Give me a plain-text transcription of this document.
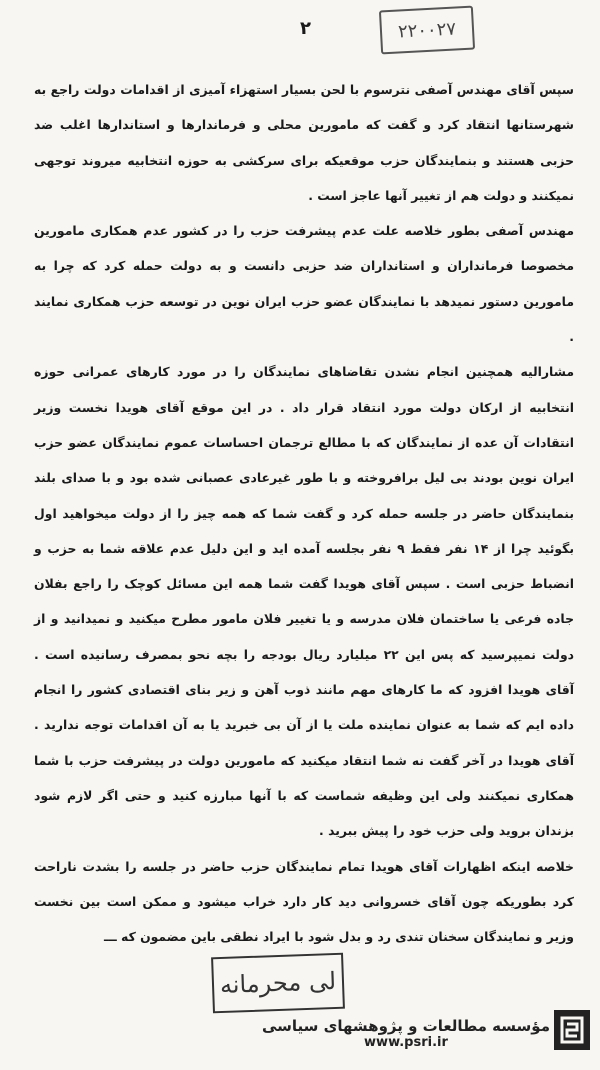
۲۲۰۰۲۷
٢

سپس آقای مهندس آصفی نترسوم با لحن بسیار استهزاء آمیزی از اقدامات دولت راجع به شهرستانها انتقاد کرد و گفت که مامورین محلی و فرماندارها و استاندارها اغلب ضد حزبی هستند و بنمایندگان حزب موقعیکه برای سرکشی به حوزه انتخابیه میروند توجهی نمیکنند و دولت هم از تغییر آنها عاجز است .

مهندس آصفی بطور خلاصه علت عدم پیشرفت حزب را در کشور عدم همکاری مامورین مخصوصا فرمانداران و استانداران ضد حزبی دانست و به دولت حمله کرد که چرا به مامورین دستور نمیدهد با نمایندگان عضو حزب ایران نوین در توسعه حزب همکاری نمایند .

مشارالیه همچنین انجام نشدن تقاضاهای نمایندگان را در مورد کارهای عمرانی حوزه انتخابیه از ارکان دولت مورد انتقاد قرار داد . در این موقع آقای هویدا نخست وزیر انتقادات آن عده از نمایندگان که با مطالع ترجمان احساسات عموم نمایندگان عضو حزب ایران نوین بودند بی لیل برافروخته و با طور غیرعادی عصبانی شده بود و با صدای بلند بنمایندگان حاضر در جلسه حمله کرد و گفت شما که همه چیز را از دولت میخواهید اول بگوئید چرا از ۱۴ نفر فقط ۹ نفر بجلسه آمده اید و این دلیل عدم علاقه شما به حزب و انضباط حزبی است . سپس آقای هویدا گفت شما همه این مسائل کوچک را راجع بفلان جاده فرعی یا ساختمان فلان مدرسه و یا تغییر فلان مامور مطرح میکنید و نمیدانید و از دولت نمیپرسید که پس این ۲۲ میلیارد ریال بودجه را بچه نحو بمصرف رسانیده است . آقای هویدا افزود که ما کارهای مهم مانند ذوب آهن و زیر بنای اقتصادی کشور را انجام داده ایم که شما به عنوان نماینده ملت یا از آن بی خبرید یا به آن اقدامات توجه ندارید . آقای هویدا در آخر گفت نه شما انتقاد میکنید که مامورین دولت در پیشرفت حزب با شما همکاری نمیکنند ولی این وظیفه شماست که با آنها مبارزه کنید و حتی اگر لازم شود بزندان بروید ولی حزب خود را پیش ببرید .

خلاصه اینکه اظهارات آقای هویدا تمام نمایندگان حزب حاضر در جلسه را بشدت ناراحت کرد بطوریکه چون آقای خسروانی دید کار دارد خراب میشود و ممکن است بین نخست وزیر و نمایندگان سخنان تندی رد و بدل شود با ایراد نطقی باین مضمون که ـــ

لی محرمانه
مؤسسه مطالعات و پژوهشهای سیاسی
www.psri.ir
